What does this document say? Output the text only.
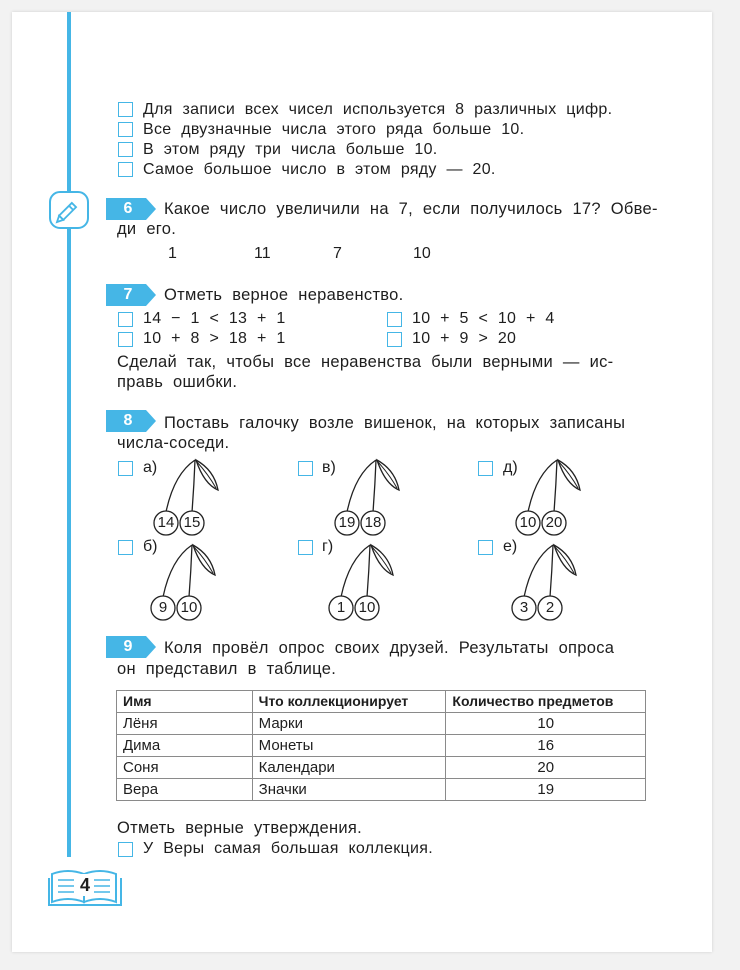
Для записи всех чисел используется 8 различных цифр.
Все двузначные числа этого ряда больше 10.
В этом ряду три числа больше 10.
Самое большое число в этом ряду — 20.
6	Какое число увеличили на 7, если получилось 17? Обве-
ди его.
1	11	7	10
7	Отметь верное неравенство.
14 − 1 < 13 + 1	10 + 5 < 10 + 4
10 + 8 > 18 + 1	10 + 9 > 20
Сделай так, чтобы все неравенства были верными — ис-
правь ошибки.
8	Поставь галочку возле вишенок, на которых записаны
числа-соседи.
а)
14 15
в)
19 18
д)
10 20
б)
9 10
г)
1 10
е)
3	2
9	Коля провёл опрос своих друзей. Результаты опроса
он представил в таблице.
Имя	Что коллекционирует	Количество предметов
Лёня	Марки	10
Дима	Монеты	16
Соня	Календари	20
Вера	Значки	19
Отметь верные утверждения.
У Веры самая большая коллекция.
4
